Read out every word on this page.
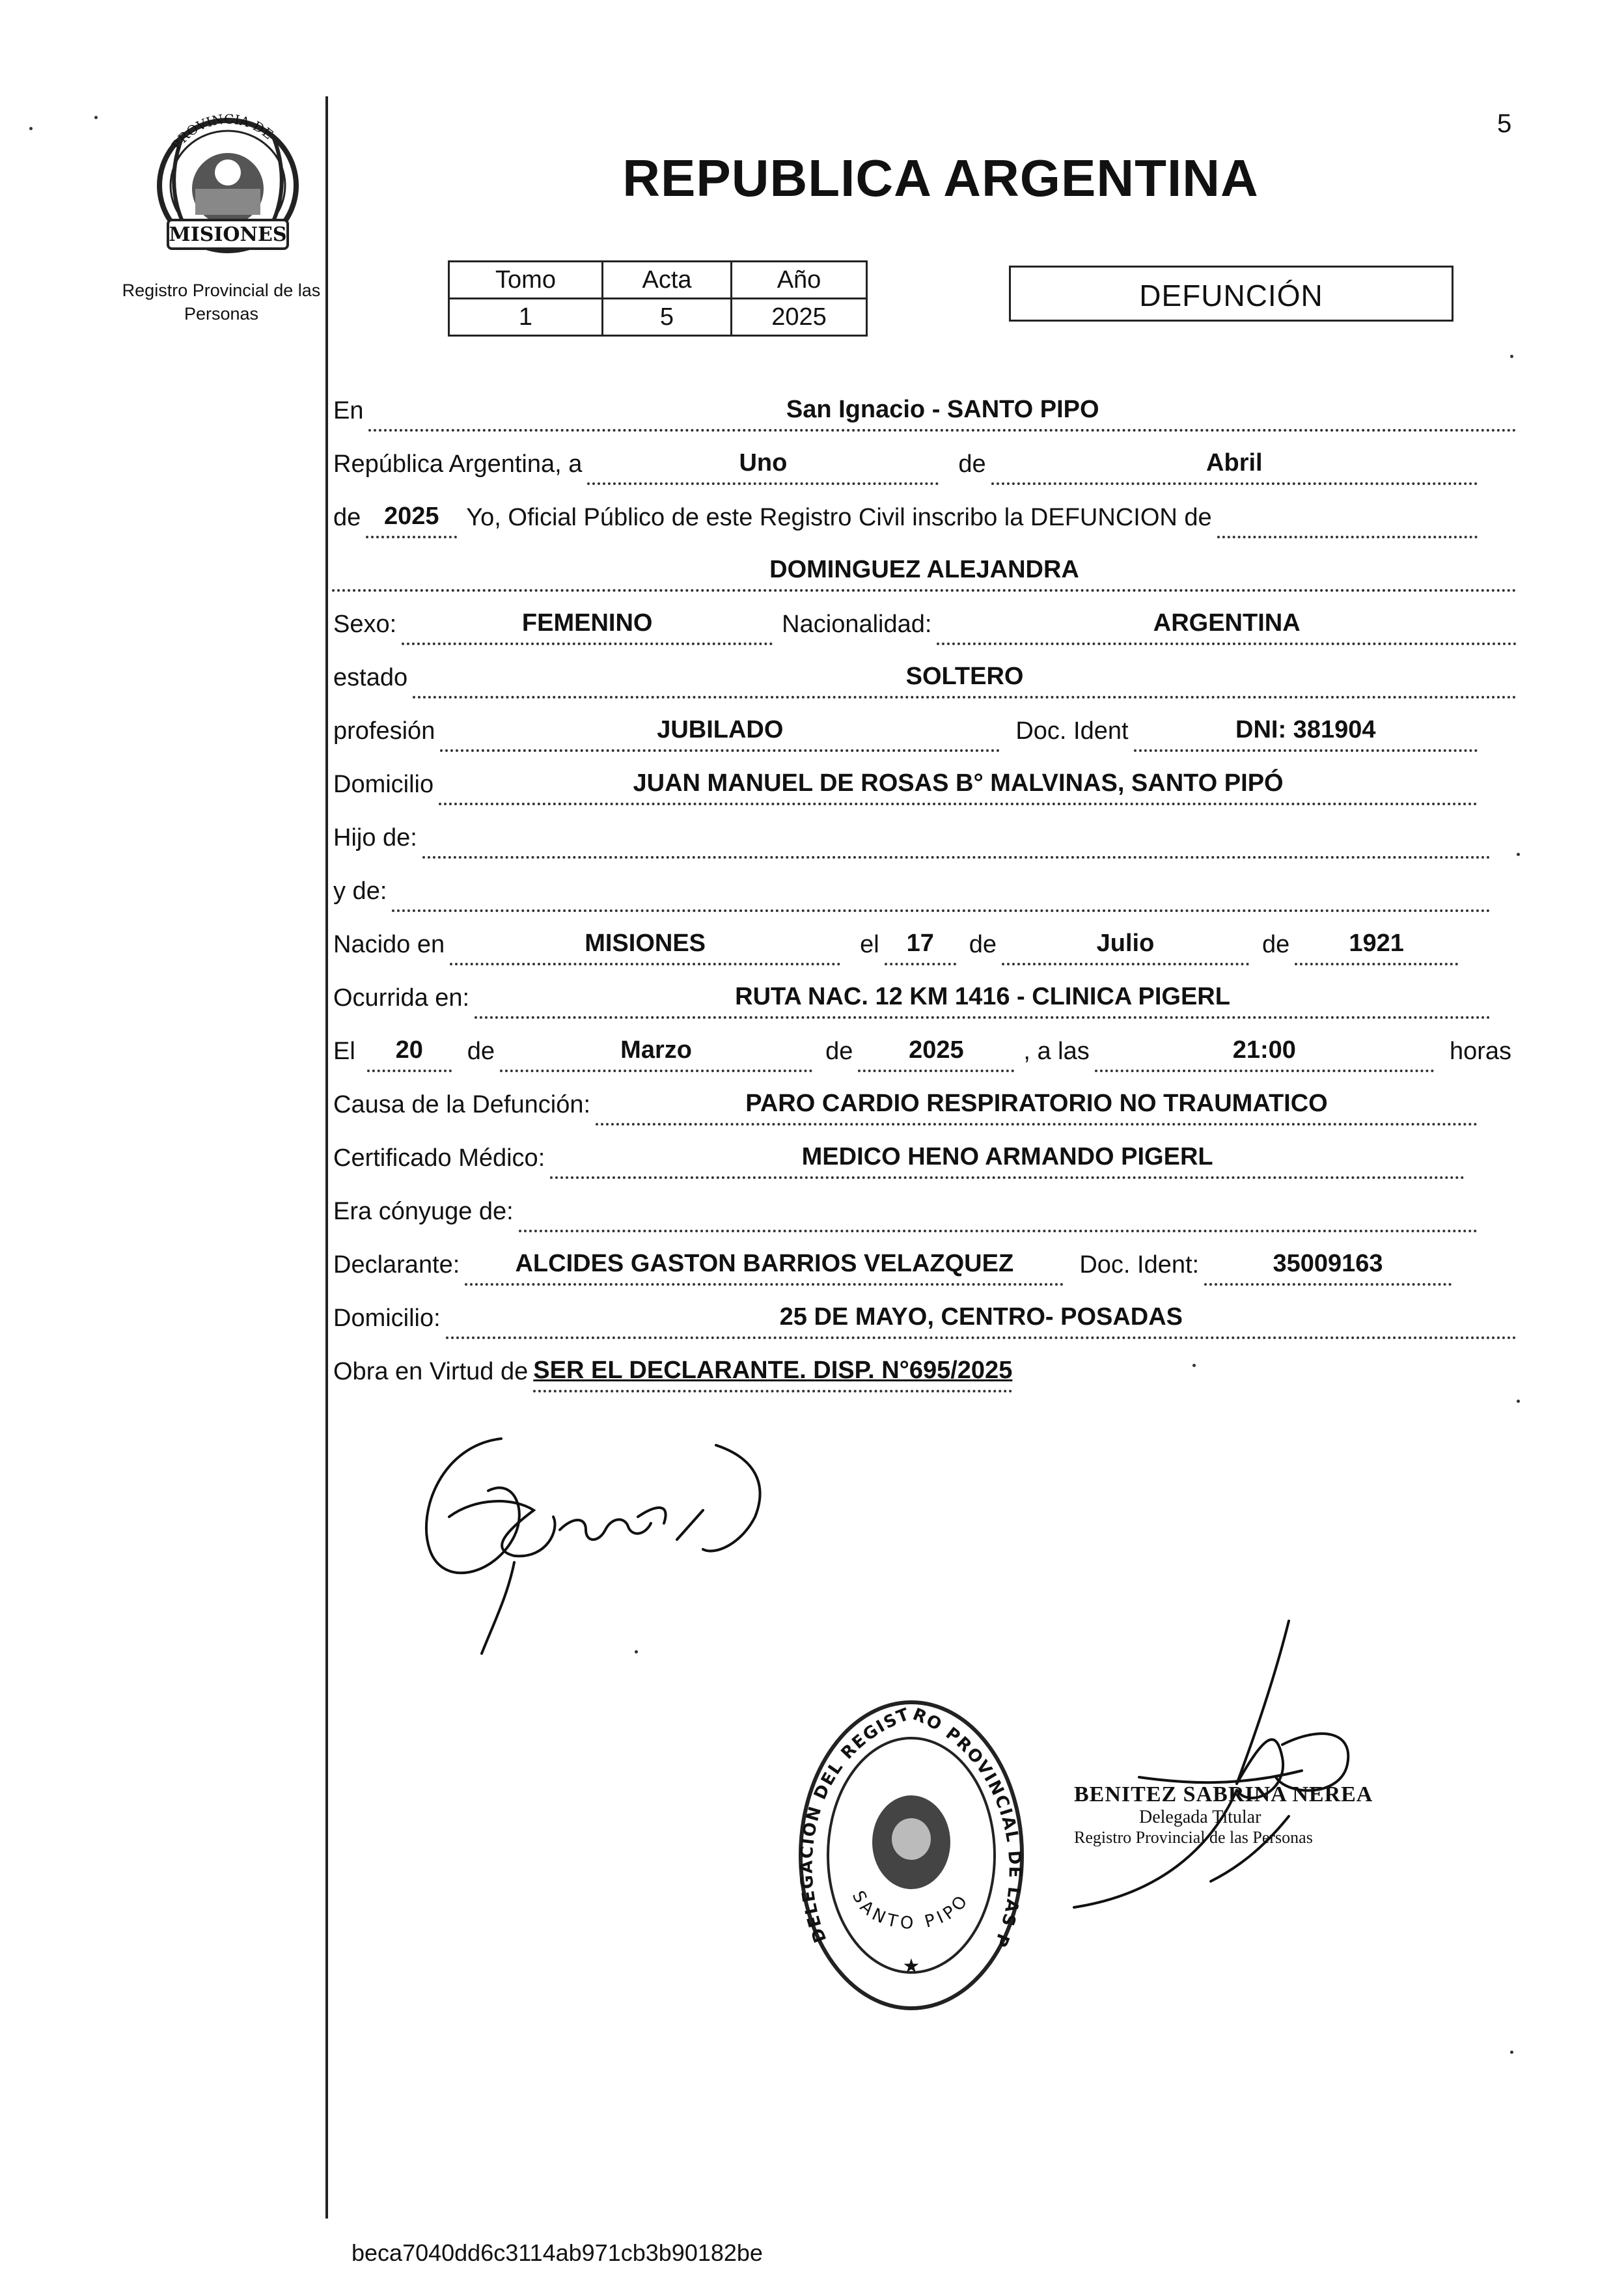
5
PROVINCIA DE
MISIONES
Registro Provincial de las Personas
REPUBLICA ARGENTINA
Tomo	Acta	Año
1	5	2025
DEFUNCIÓN
En	San Ignacio - SANTO PIPO
República Argentina, a	Uno	de	Abril
de 2025	Yo, Oficial Público de este Registro Civil inscribo la DEFUNCION de
DOMINGUEZ ALEJANDRA
Sexo:	FEMENINO	Nacionalidad:	ARGENTINA
estado	SOLTERO
profesión	JUBILADO	Doc. Ident	DNI: 381904
Domicilio	JUAN MANUEL DE ROSAS B° MALVINAS, SANTO PIPÓ
Hijo de:
y de:
Nacido en	MISIONES	el	17	de	Julio	de	1921
Ocurrida en:	RUTA NAC. 12 KM 1416 - CLINICA PIGERL
El	20	de	Marzo	de	2025	, a las	21:00	horas
Causa de la Defunción:	PARO CARDIO RESPIRATORIO NO TRAUMATICO
Certificado Médico:	MEDICO HENO ARMANDO PIGERL
Era cónyuge de:
Declarante:	ALCIDES GASTON BARRIOS VELAZQUEZ	Doc. Ident:	35009163
Domicilio:	25 DE MAYO, CENTRO- POSADAS
Obra en Virtud de SER EL DECLARANTE. DISP. N°695/2025
DELEGACION DEL REGISTRO PROVINCIAL DE LAS P
SANTO PIPO
★
BENITEZ SABRINA NEREA
Delegada Titular
Registro Provincial de las Personas
beca7040dd6c3114ab971cb3b90182be
